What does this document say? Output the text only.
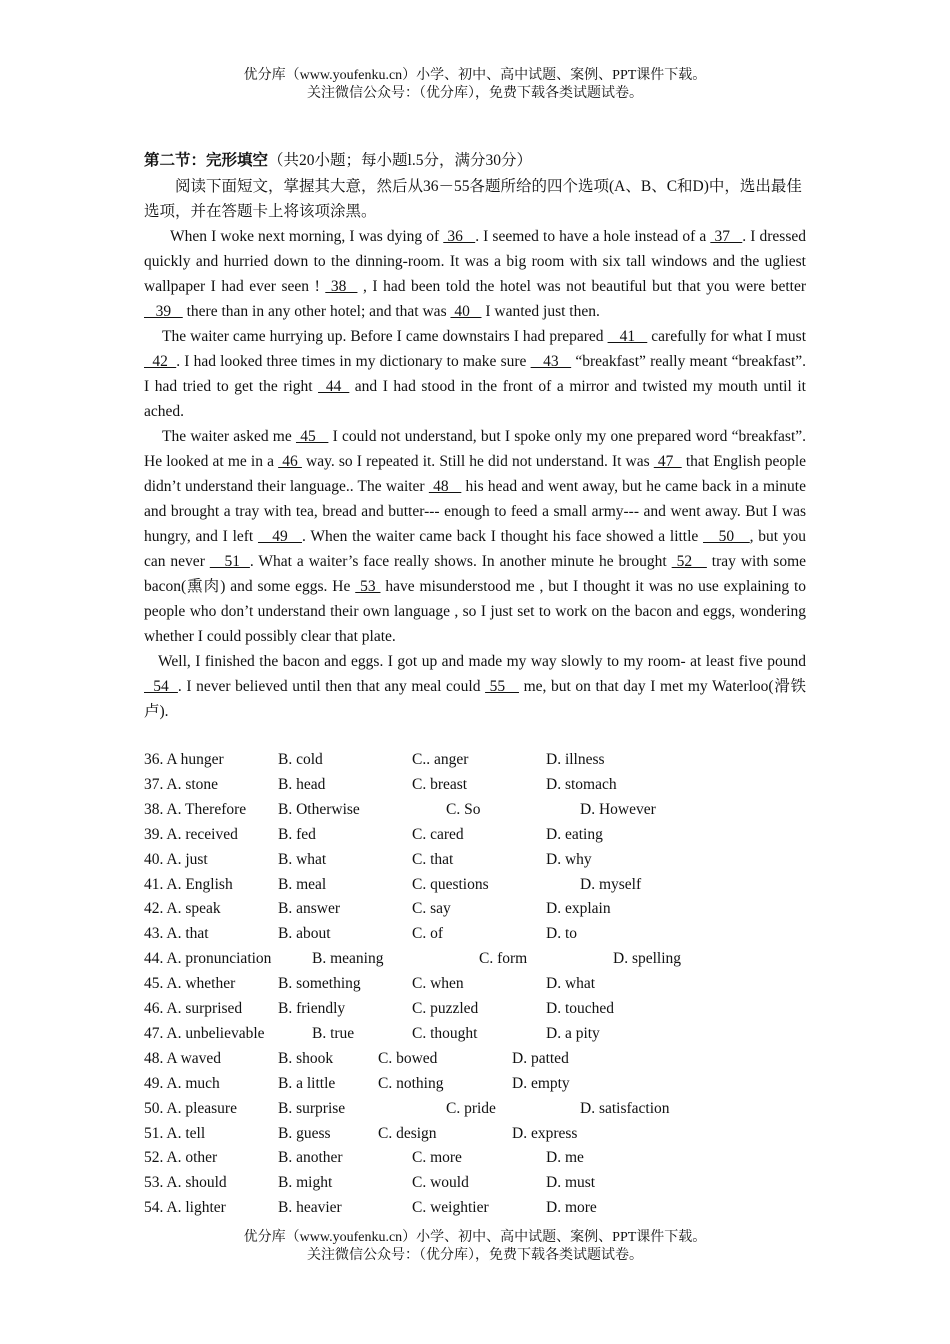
优分库（www.youfenku.cn）小学、初中、高中试题、案例、PPT课件下载。
关注微信公众号：（优分库），免费下载各类试题试卷。
第二节：完形填空（共20小题；每小题l.5分，满分30分）
阅读下面短文，掌握其大意，然后从36－55各题所给的四个选项(A、B、C和D)中，选出最佳选项，并在答题卡上将该项涂黑。

When I woke next morning, I was dying of  36   . I seemed to have a hole instead of a  37   . I dressed quickly and hurried down to the dinning-room. It was a big room with six tall windows and the ugliest wallpaper I had ever seen !  38   , I had been told the hotel was not beautiful but that you were better    39    there than in any other hotel; and that was  40    I wanted just then.

The waiter came hurrying up. Before I came downstairs I had prepared    41    carefully for what I must   42  . I had looked three times in my dictionary to make sure    43    “breakfast” really meant “breakfast”. I had tried to get the right _44_ and I had stood in the front of a mirror and twisted my mouth until it ached.

The waiter asked me  45    I could not understand, but I spoke only my one prepared word “breakfast”. He looked at me in a  46  way. so I repeated it. Still he did not understand. It was  47   that English people didn’t understand their language.. The waiter  48    his head and went away, but he came back in a minute and brought a tray with tea, bread and butter--- enough to feed a small army--- and went away. But I was hungry, and I left    49   . When the waiter came back I thought his face showed a little __50__, but you can never    51  . What a waiter’s face really shows. In another minute he brought  52    tray with some bacon(熏肉) and some eggs. He  53  have misunderstood me , but I thought it was no use explaining to people who don’t understand their own language , so I just set to work on the bacon and eggs, wondering whether I could possibly clear that plate.

Well, I finished the bacon and eggs. I got up and made my way slowly to my room- at least five pound   54  . I never believed until then that any meal could  55    me, but on that day I met my Waterloo(滑铁卢).

36. A hunger	B. cold	C.. anger	D. illness
37. A. stone	B. head	C. breast	D. stomach
38. A. Therefore B. Otherwise	C. So	D. However
39. A. received	B. fed	C. cared	D. eating
40. A. just	B. what	C. that	D. why
41. A. English	B. meal	C. questions	D. myself
42. A. speak	B. answer	C. say	D. explain
43. A. that	B. about	C. of	D. to
44. A. pronunciation	B. meaning	C. form	D. spelling
45. A. whether	B. something	C. when	D. what
46. A. surprised B. friendly	C. puzzled	D. touched
47. A. unbelievable	B. true	C. thought	D. a pity
48. A waved	B. shook	C. bowed	D. patted
49. A. much	B. a little	C. nothing	D. empty
50. A. pleasure	B. surprise	C. pride	D. satisfaction
51. A. tell	B. guess	C. design	D. express
52. A. other	B. another	C. more	D. me
53. A. should	B. might	C. would	D. must
54. A. lighter	B. heavier	C. weightier	D. more
优分库（www.youfenku.cn）小学、初中、高中试题、案例、PPT课件下载。
关注微信公众号：（优分库），免费下载各类试题试卷。
